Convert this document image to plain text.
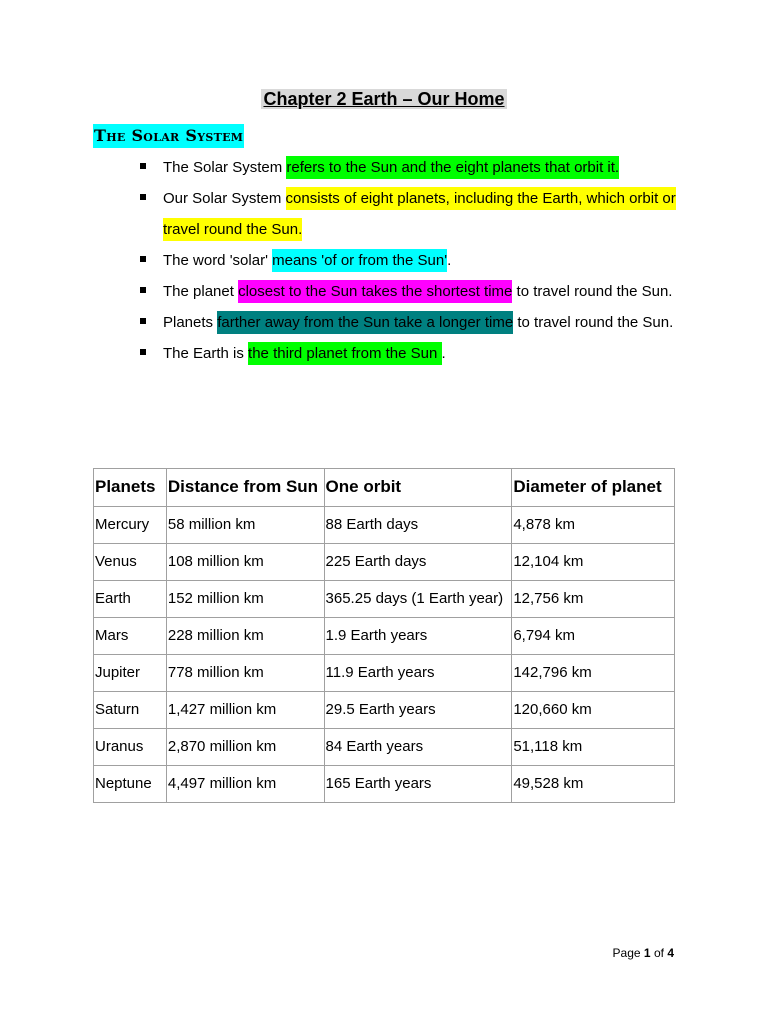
Chapter 2 Earth – Our Home
The Solar System
The Solar System refers to the Sun and the eight planets that orbit it.
Our Solar System consists of eight planets, including the Earth, which orbit or travel round the Sun.
The word 'solar' means 'of or from the Sun'.
The planet closest to the Sun takes the shortest time to travel round the Sun.
Planets farther away from the Sun take a longer time to travel round the Sun.
The Earth is the third planet from the Sun .
Planets	Distance from Sun	One orbit	Diameter of planet
Mercury	58 million km	88 Earth days	4,878 km
Venus	108 million km	225 Earth days	12,104 km
Earth	152 million km	365.25 days (1 Earth year)	12,756 km
Mars	228 million km	1.9 Earth years	6,794 km
Jupiter	778 million km	11.9 Earth years	142,796 km
Saturn	1,427 million km	29.5 Earth years	120,660 km
Uranus	2,870 million km	84 Earth years	51,118 km
Neptune	4,497 million km	165 Earth years	49,528 km
Page 1 of 4
